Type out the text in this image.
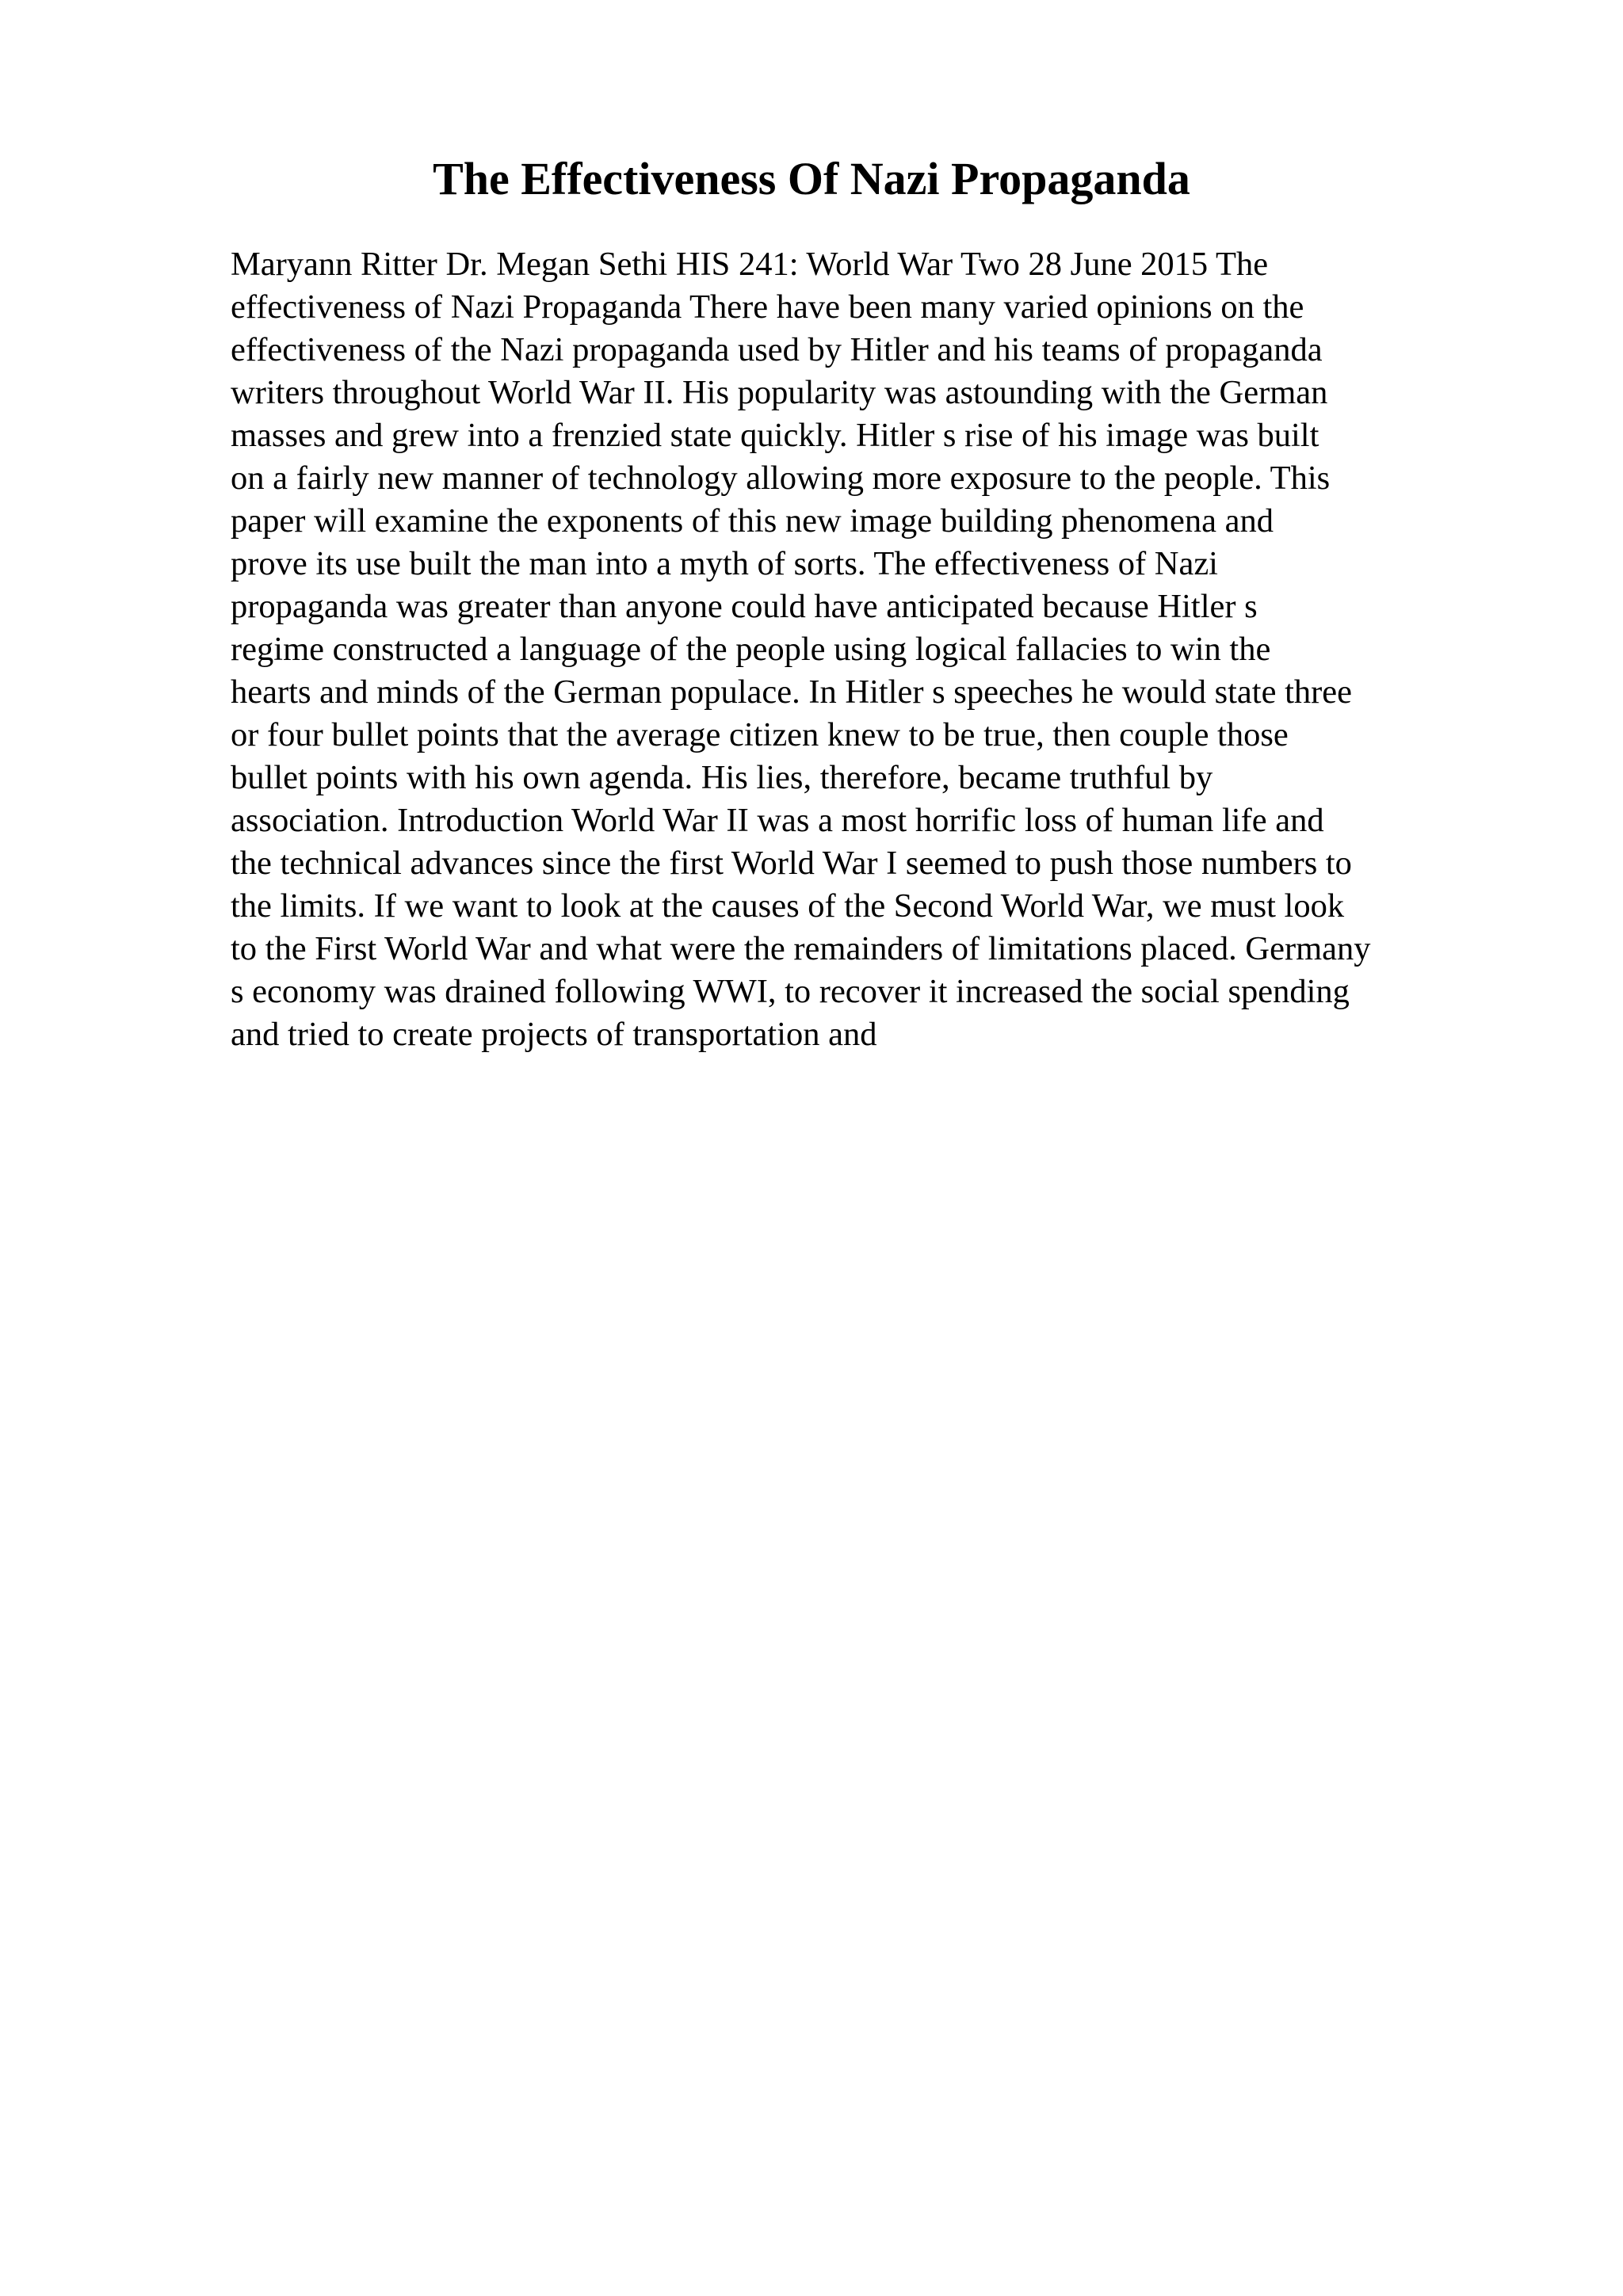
The Effectiveness Of Nazi Propaganda
Maryann Ritter Dr. Megan Sethi HIS 241: World War Two 28 June 2015 The
effectiveness of Nazi Propaganda There have been many varied opinions on the
effectiveness of the Nazi propaganda used by Hitler and his teams of propaganda
writers throughout World War II. His popularity was astounding with the German
masses and grew into a frenzied state quickly. Hitler s rise of his image was built
on a fairly new manner of technology allowing more exposure to the people. This
paper will examine the exponents of this new image building phenomena and
prove its use built the man into a myth of sorts. The effectiveness of Nazi
propaganda was greater than anyone could have anticipated because Hitler s
regime constructed a language of the people using logical fallacies to win the
hearts and minds of the German populace. In Hitler s speeches he would state three
or four bullet points that the average citizen knew to be true, then couple those
bullet points with his own agenda. His lies, therefore, became truthful by
association. Introduction World War II was a most horrific loss of human life and
the technical advances since the first World War I seemed to push those numbers to
the limits. If we want to look at the causes of the Second World War, we must look
to the First World War and what were the remainders of limitations placed. Germany
s economy was drained following WWI, to recover it increased the social spending
and tried to create projects of transportation and
